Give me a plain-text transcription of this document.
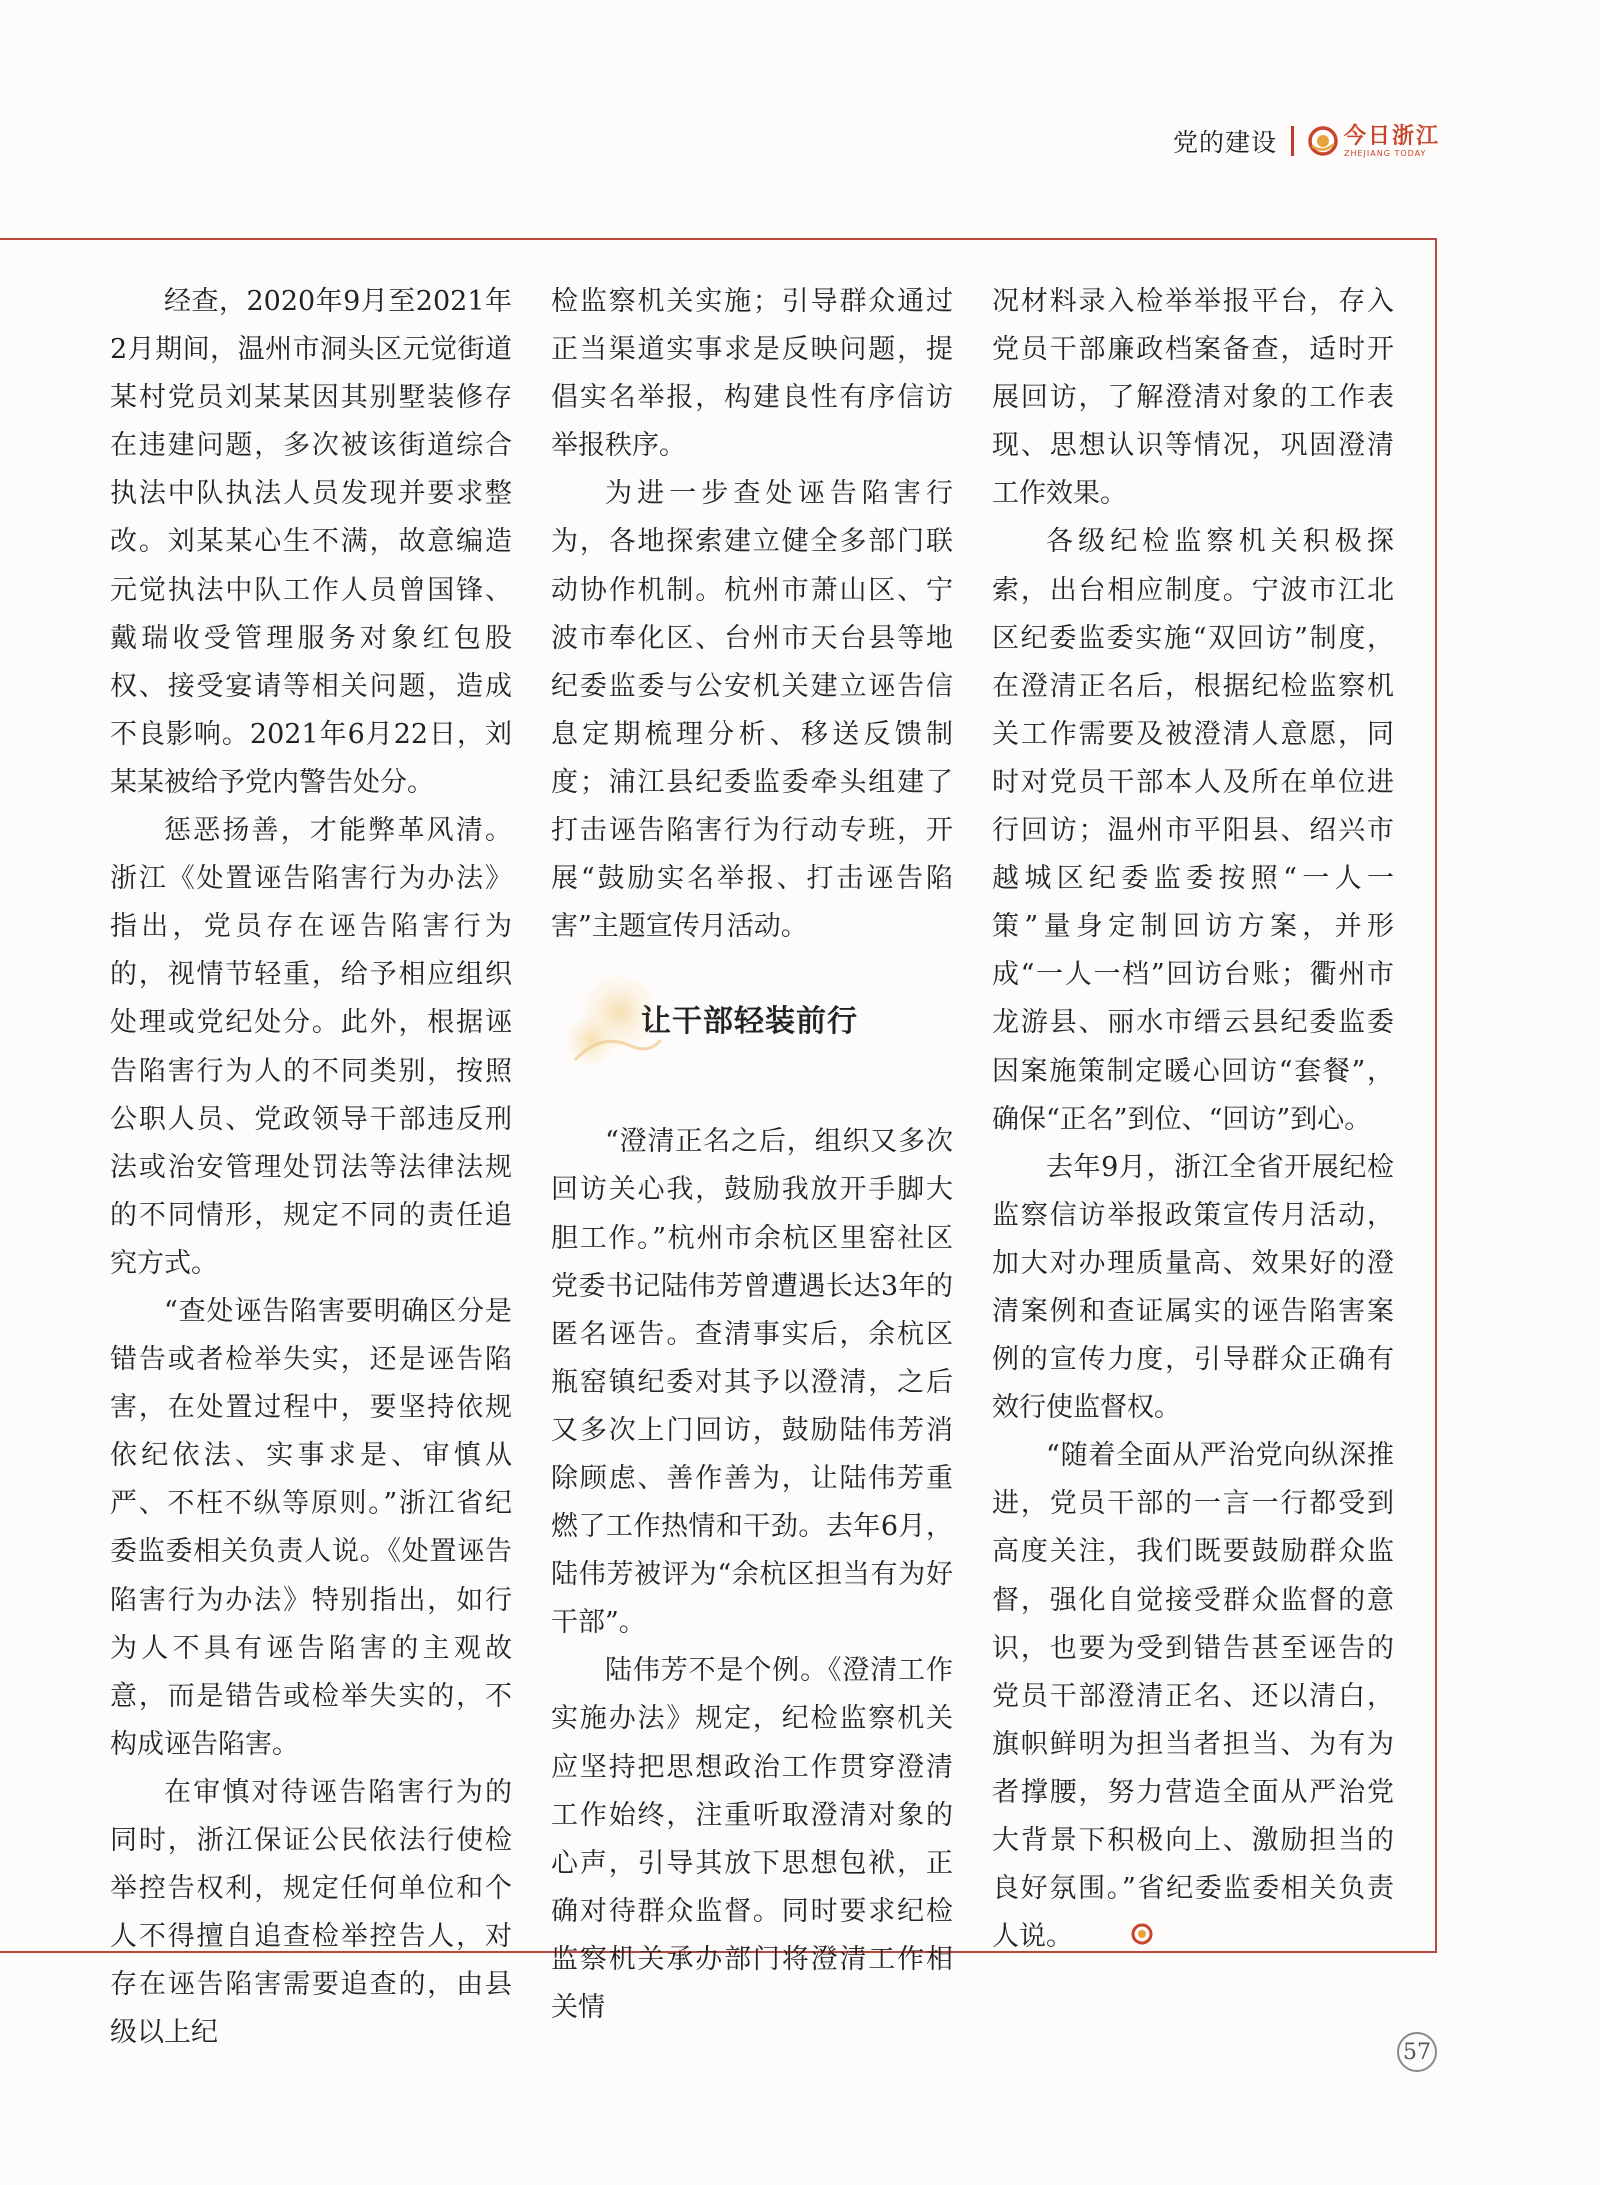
党的建设	今日浙江
ZHEJIANG TODAY

经查，2020年9月至2021年2月期间，温州市洞头区元觉街道某村党员刘某某因其别墅装修存在违建问题，多次被该街道综合执法中队执法人员发现并要求整改。刘某某心生不满，故意编造元觉执法中队工作人员曾国锋、戴瑞收受管理服务对象红包股权、接受宴请等相关问题，造成不良影响。2021年6月22日，刘某某被给予党内警告处分。

惩恶扬善，才能弊革风清。浙江《处置诬告陷害行为办法》指出，党员存在诬告陷害行为的，视情节轻重，给予相应组织处理或党纪处分。此外，根据诬告陷害行为人的不同类别，按照公职人员、党政领导干部违反刑法或治安管理处罚法等法律法规的不同情形，规定不同的责任追究方式。

“查处诬告陷害要明确区分是错告或者检举失实，还是诬告陷害，在处置过程中，要坚持依规依纪依法、实事求是、审慎从严、不枉不纵等原则。”浙江省纪委监委相关负责人说。《处置诬告陷害行为办法》特别指出，如行为人不具有诬告陷害的主观故意，而是错告或检举失实的，不构成诬告陷害。

在审慎对待诬告陷害行为的同时，浙江保证公民依法行使检举控告权利，规定任何单位和个人不得擅自追查检举控告人，对存在诬告陷害需要追查的，由县级以上纪

检监察机关实施；引导群众通过正当渠道实事求是反映问题，提倡实名举报，构建良性有序信访举报秩序。

为进一步查处诬告陷害行为，各地探索建立健全多部门联动协作机制。杭州市萧山区、宁波市奉化区、台州市天台县等地纪委监委与公安机关建立诬告信息定期梳理分析、移送反馈制度；浦江县纪委监委牵头组建了打击诬告陷害行为行动专班，开展“鼓励实名举报、打击诬告陷害”主题宣传月活动。

让干部轻装前行

“澄清正名之后，组织又多次回访关心我，鼓励我放开手脚大胆工作。”杭州市余杭区里窑社区党委书记陆伟芳曾遭遇长达3年的匿名诬告。查清事实后，余杭区瓶窑镇纪委对其予以澄清，之后又多次上门回访，鼓励陆伟芳消除顾虑、善作善为，让陆伟芳重燃了工作热情和干劲。去年6月，陆伟芳被评为“余杭区担当有为好干部”。

陆伟芳不是个例。《澄清工作实施办法》规定，纪检监察机关应坚持把思想政治工作贯穿澄清工作始终，注重听取澄清对象的心声，引导其放下思想包袱，正确对待群众监督。同时要求纪检监察机关承办部门将澄清工作相关情

况材料录入检举举报平台，存入党员干部廉政档案备查，适时开展回访，了解澄清对象的工作表现、思想认识等情况，巩固澄清工作效果。

各级纪检监察机关积极探索，出台相应制度。宁波市江北区纪委监委实施“双回访”制度，在澄清正名后，根据纪检监察机关工作需要及被澄清人意愿，同时对党员干部本人及所在单位进行回访；温州市平阳县、绍兴市越城区纪委监委按照“一人一策”量身定制回访方案，并形成“一人一档”回访台账；衢州市龙游县、丽水市缙云县纪委监委因案施策制定暖心回访“套餐”，确保“正名”到位、“回访”到心。

去年9月，浙江全省开展纪检监察信访举报政策宣传月活动，加大对办理质量高、效果好的澄清案例和查证属实的诬告陷害案例的宣传力度，引导群众正确有效行使监督权。

“随着全面从严治党向纵深推进，党员干部的一言一行都受到高度关注，我们既要鼓励群众监督，强化自觉接受群众监督的意识，也要为受到错告甚至诬告的党员干部澄清正名、还以清白，旗帜鲜明为担当者担当、为有为者撑腰，努力营造全面从严治党大背景下积极向上、激励担当的良好氛围。”省纪委监委相关负责人说。

57
